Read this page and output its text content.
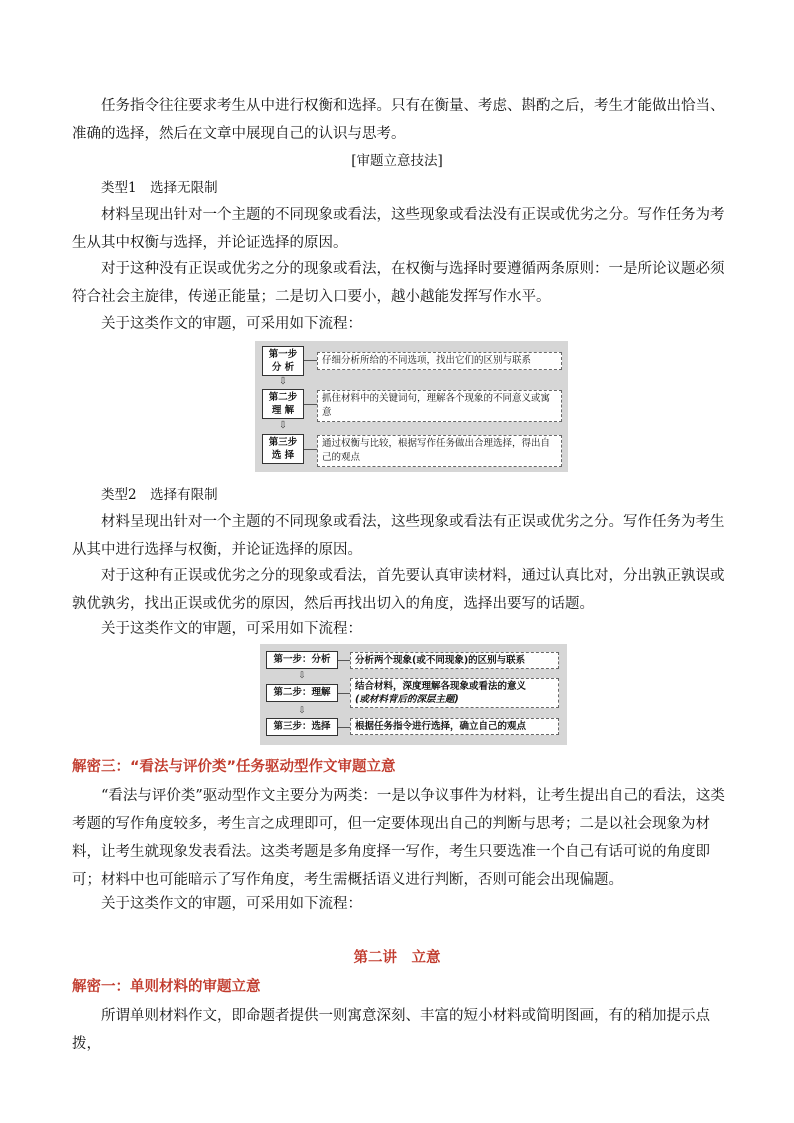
任务指令往往要求考生从中进行权衡和选择。只有在衡量、考虑、斟酌之后，考生才能做出恰当、准确的选择，然后在文章中展现自己的认识与思考。

[审题立意技法]

类型1　选择无限制

材料呈现出针对一个主题的不同现象或看法，这些现象或看法没有正误或优劣之分。写作任务为考生从其中权衡与选择，并论证选择的原因。

对于这种没有正误或优劣之分的现象或看法，在权衡与选择时要遵循两条原则：一是所论议题必须符合社会主旋律，传递正能量；二是切入口要小，越小越能发挥写作水平。

关于这类作文的审题，可采用如下流程：

第一步
分 析
仔细分析所给的不同选项，找出它们的区别与联系
⇩
第二步
理 解
抓住材料中的关键词句，理解各个现象的不同意义或寓意
⇩
第三步
选 择
通过权衡与比较，根据写作任务做出合理选择，得出自己的观点

类型2　选择有限制

材料呈现出针对一个主题的不同现象或看法，这些现象或看法有正误或优劣之分。写作任务为考生从其中进行选择与权衡，并论证选择的原因。

对于这种有正误或优劣之分的现象或看法，首先要认真审读材料，通过认真比对，分出孰正孰误或孰优孰劣，找出正误或优劣的原因，然后再找出切入的角度，选择出要写的话题。

关于这类作文的审题，可采用如下流程：

第一步：分析	分析两个现象(或不同现象)的区别与联系
⇩
第二步：理解
结合材料，深度理解各现象或看法的意义
(或材料背后的深层主题)
⇩
第三步：选择	根据任务指令进行选择，确立自己的观点

解密三：“看法与评价类”任务驱动型作文审题立意

“看法与评价类”驱动型作文主要分为两类：一是以争议事件为材料，让考生提出自己的看法，这类考题的写作角度较多，考生言之成理即可，但一定要体现出自己的判断与思考；二是以社会现象为材料，让考生就现象发表看法。这类考题是多角度择一写作，考生只要选准一个自己有话可说的角度即可；材料中也可能暗示了写作角度，考生需概括语义进行判断，否则可能会出现偏题。

关于这类作文的审题，可采用如下流程：

第二讲　立意

解密一：单则材料的审题立意

所谓单则材料作文，即命题者提供一则寓意深刻、丰富的短小材料或简明图画，有的稍加提示点拨，
